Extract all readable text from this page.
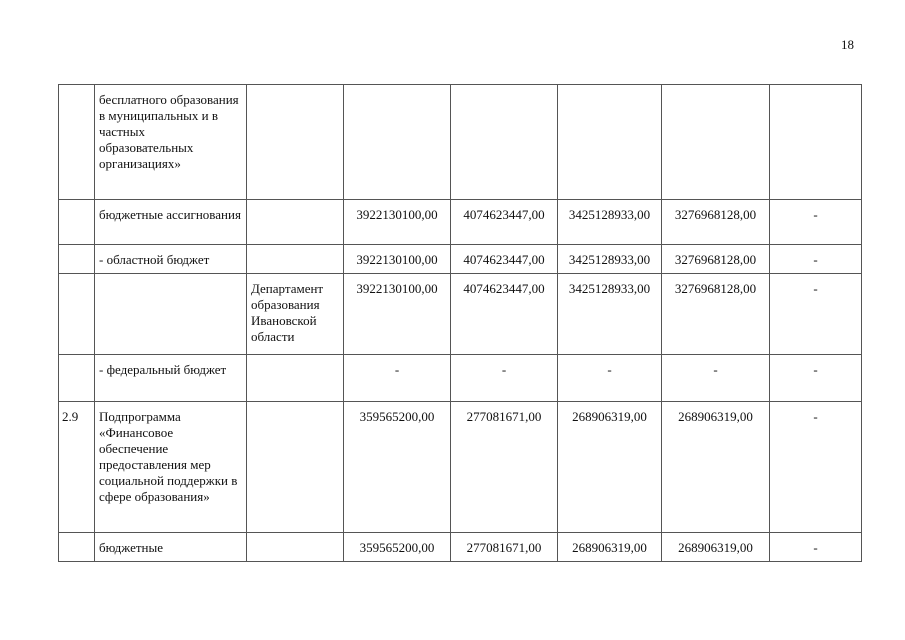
18
	бесплатного образования в муниципальных и в частных образовательных организациях»						
	бюджетные ассигнования		3922130100,00	4074623447,00	3425128933,00	3276968128,00	-
	- областной бюджет		3922130100,00	4074623447,00	3425128933,00	3276968128,00	-
		Департамент образования Ивановской области	3922130100,00	4074623447,00	3425128933,00	3276968128,00	-
	- федеральный бюджет		-	-	-	-	-
2.9	Подпрограмма «Финансовое обеспечение предоставления мер социальной поддержки в сфере образования»		359565200,00	277081671,00	268906319,00	268906319,00	-
	бюджетные		359565200,00	277081671,00	268906319,00	268906319,00	-
